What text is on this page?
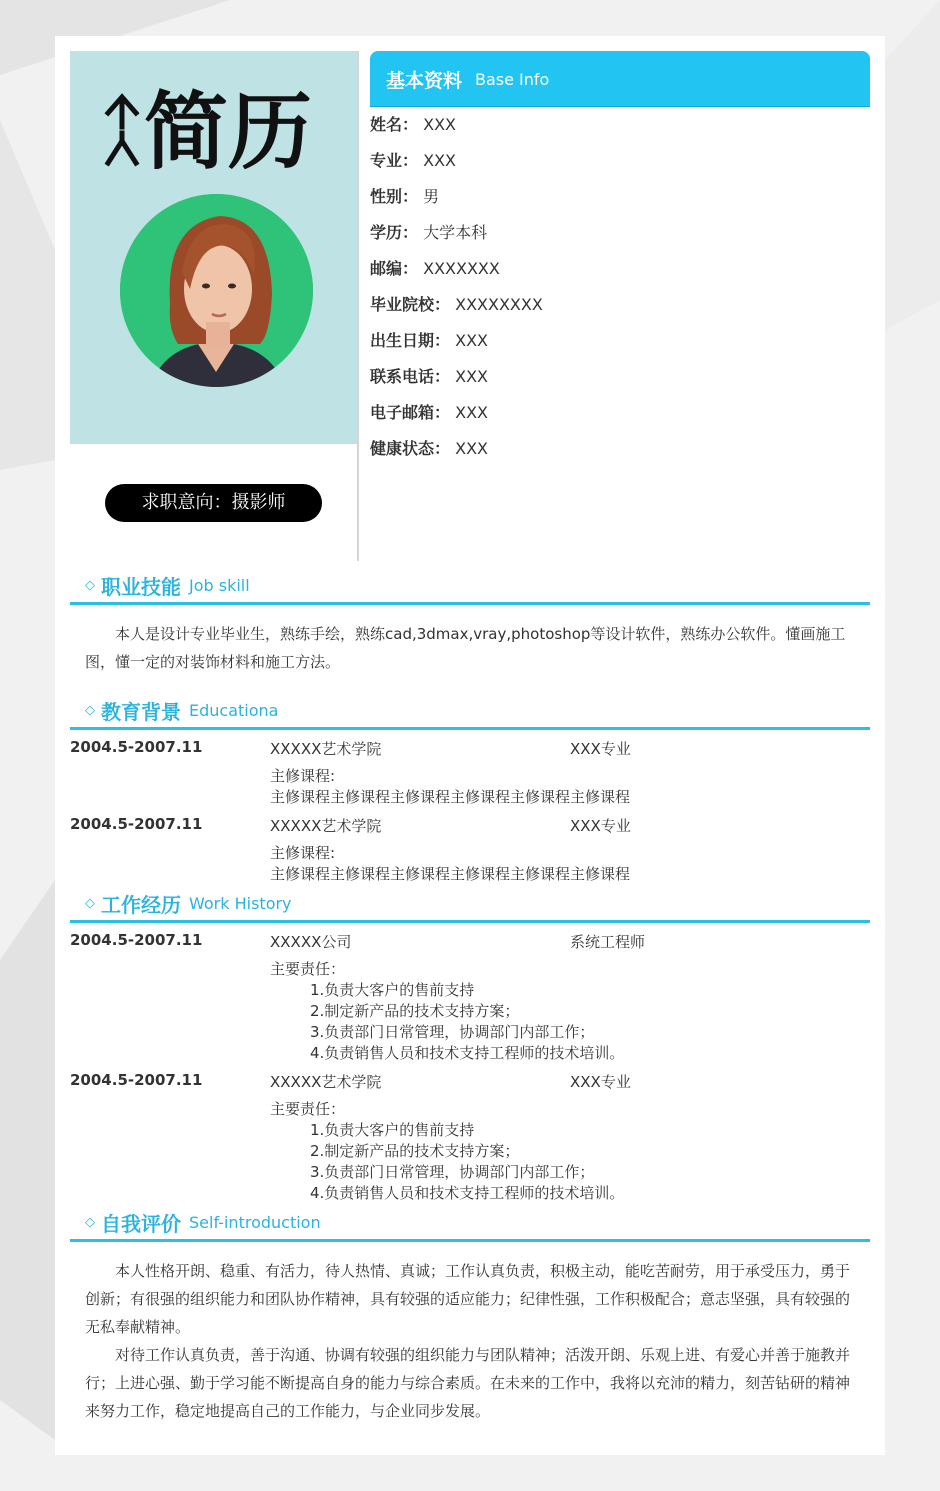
简历
求职意向：摄影师
基本资料 Base Info
姓名： XXX
专业： XXX
性别： 男
学历： 大学本科
邮编： XXXXXXX
毕业院校： XXXXXXXX
出生日期： XXX
联系电话： XXX
电子邮箱： XXX
健康状态： XXX
◇ 职业技能 Job skill

本人是设计专业毕业生，熟练手绘，熟练cad,3dmax,vray,photoshop等设计软件，熟练办公软件。懂画施工图，懂一定的对装饰材料和施工方法。

◇ 教育背景 Educationa
2004.5-2007.11	XXXXX艺术学院	XXX专业
主修课程:
主修课程主修课程主修课程主修课程主修课程主修课程
2004.5-2007.11	XXXXX艺术学院	XXX专业
主修课程:
主修课程主修课程主修课程主修课程主修课程主修课程
◇ 工作经历 Work History
2004.5-2007.11	XXXXX公司	系统工程师
主要责任：
1.负责大客户的售前支持
2.制定新产品的技术支持方案；
3.负责部门日常管理，协调部门内部工作；
4.负责销售人员和技术支持工程师的技术培训。
2004.5-2007.11	XXXXX艺术学院	XXX专业
主要责任：
1.负责大客户的售前支持
2.制定新产品的技术支持方案；
3.负责部门日常管理，协调部门内部工作；
4.负责销售人员和技术支持工程师的技术培训。
◇ 自我评价 Self-introduction

本人性格开朗、稳重、有活力，待人热情、真诚；工作认真负责，积极主动，能吃苦耐劳，用于承受压力，勇于创新；有很强的组织能力和团队协作精神，具有较强的适应能力；纪律性强，工作积极配合；意志坚强，具有较强的无私奉献精神。

对待工作认真负责，善于沟通、协调有较强的组织能力与团队精神；活泼开朗、乐观上进、有爱心并善于施教并行；上进心强、勤于学习能不断提高自身的能力与综合素质。在未来的工作中，我将以充沛的精力，刻苦钻研的精神来努力工作，稳定地提高自己的工作能力，与企业同步发展。
